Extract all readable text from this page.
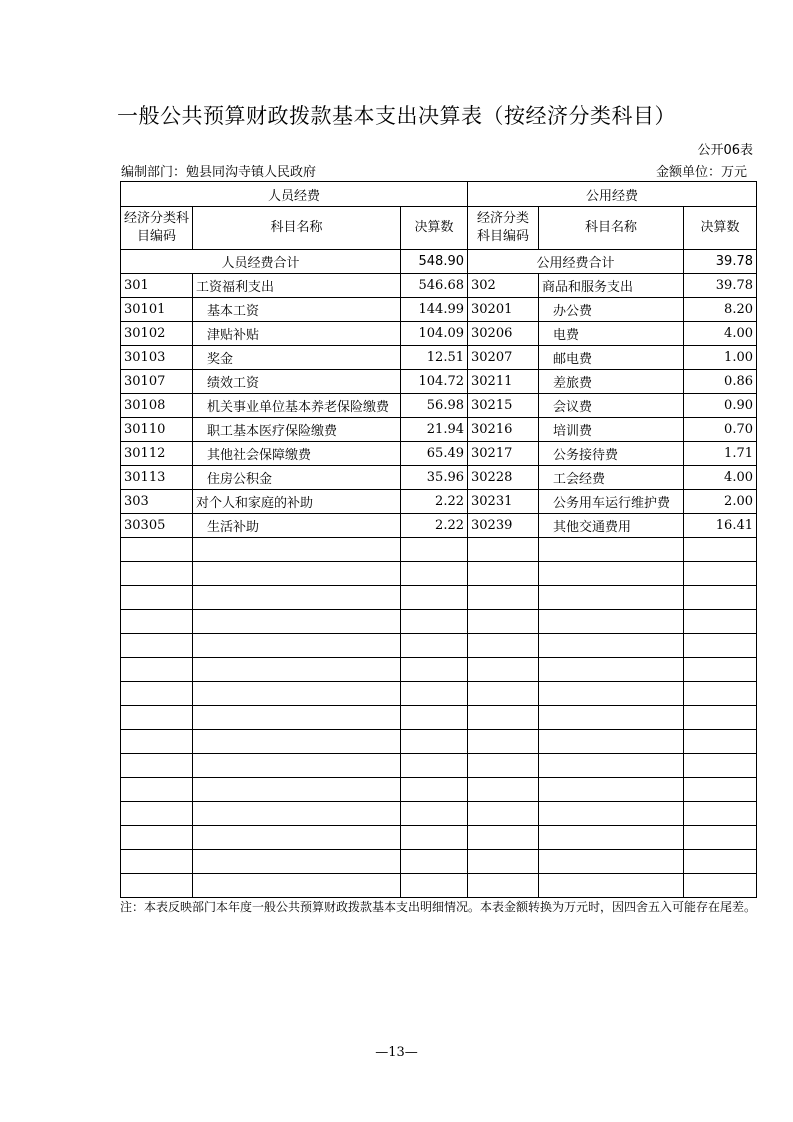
一般公共预算财政拨款基本支出决算表（按经济分类科目）
公开06表
编制部门：勉县同沟寺镇人民政府	金额单位：万元
人员经费			公用经费		
经济分类科目编码	科目名称	决算数	经济分类科目编码	科目名称	决算数
人员经费合计		548.90	公用经费合计		39.78
301	工资福利支出	546.68	302	商品和服务支出	39.78
30101	基本工资	144.99	30201	办公费	8.20
30102	津贴补贴	104.09	30206	电费	4.00
30103	奖金	12.51	30207	邮电费	1.00
30107	绩效工资	104.72	30211	差旅费	0.86
30108	机关事业单位基本养老保险缴费	56.98	30215	会议费	0.90
30110	职工基本医疗保险缴费	21.94	30216	培训费	0.70
30112	其他社会保障缴费	65.49	30217	公务接待费	1.71
30113	住房公积金	35.96	30228	工会经费	4.00
303	对个人和家庭的补助	2.22	30231	公务用车运行维护费	2.00
30305	生活补助	2.22	30239	其他交通费用	16.41

注：本表反映部门本年度一般公共预算财政拨款基本支出明细情况。本表金额转换为万元时，因四舍五入可能存在尾差。
—13—
